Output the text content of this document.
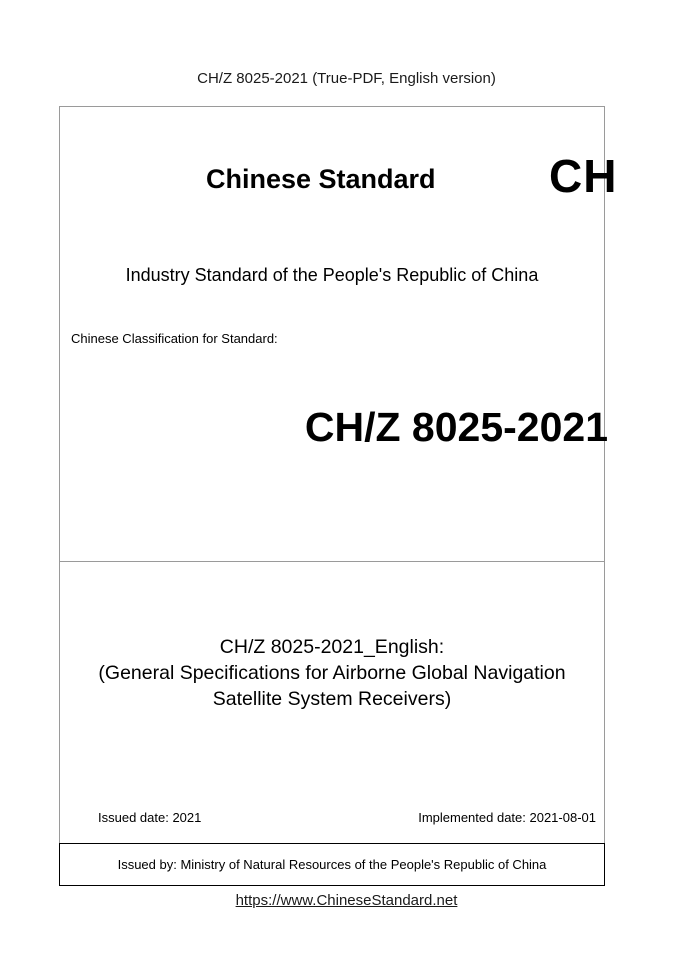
CH/Z 8025-2021 (True-PDF, English version)
Chinese Standard CH
Industry Standard of the People's Republic of China
Chinese Classification for Standard:
CH/Z 8025-2021
CH/Z 8025-2021_English:
(General Specifications for Airborne Global Navigation
Satellite System Receivers)
Issued date: 2021	Implemented date: 2021-08-01
Issued by: Ministry of Natural Resources of the People's Republic of China
https://www.ChineseStandard.net
